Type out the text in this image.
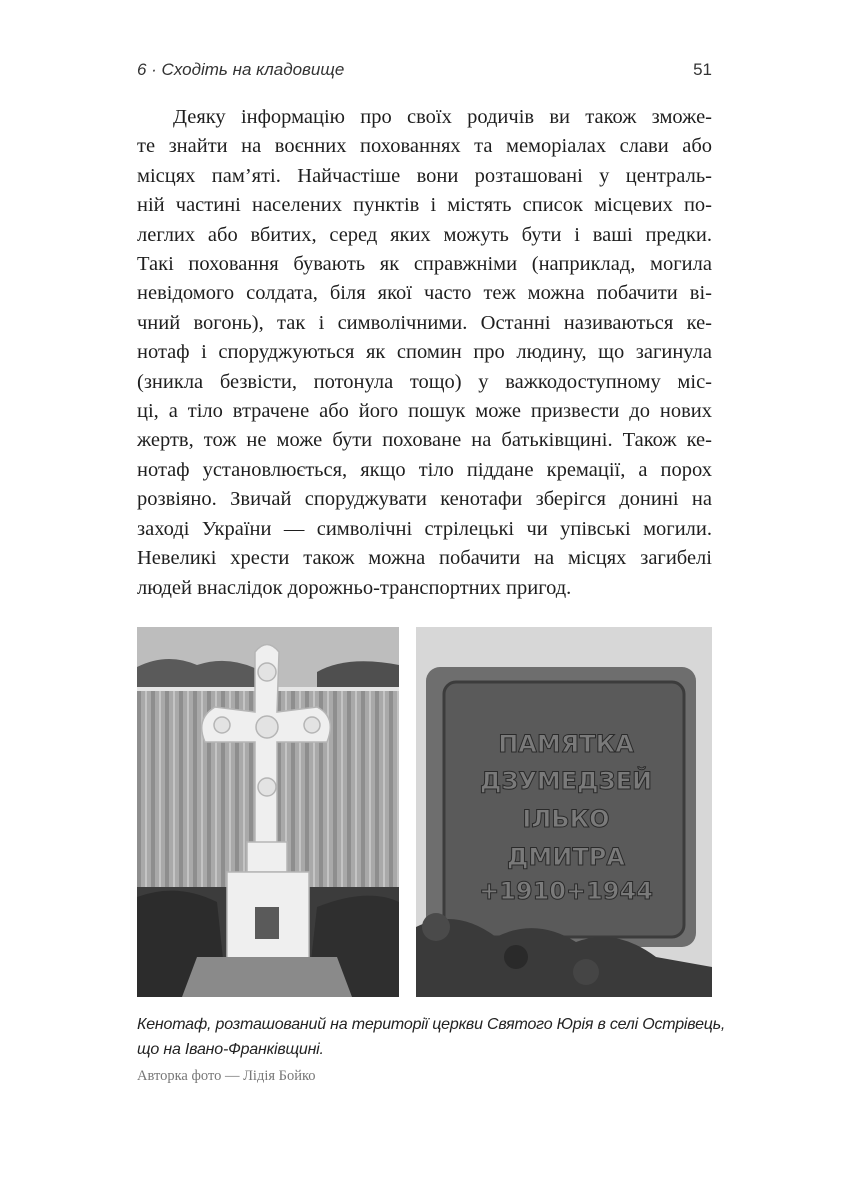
6 · Сходіть на кладовище	51
Деяку інформацію про своїх родичів ви також зможе-
те знайти на воєнних похованнях та меморіалах слави або
місцях пам’яті. Найчастіше вони розташовані у централь-
ній частині населених пунктів і містять список місцевих по-
леглих або вбитих, серед яких можуть бути і ваші предки.
Такі поховання бувають як справжніми (наприклад, могила
невідомого солдата, біля якої часто теж можна побачити ві-
чний вогонь), так і символічними. Останні називаються ке-
нотаф і споруджуються як спомин про людину, що загинула
(зникла безвісти, потонула тощо) у важкодоступному міс-
ці, а тіло втрачене або його пошук може призвести до нових
жертв, тож не може бути поховане на батьківщині. Також ке-
нотаф установлюється, якщо тіло піддане кремації, а порох
розвіяно. Звичай споруджувати кенотафи зберігся донині на
заході України — символічні стрілецькі чи упівські могили.
Невеликі хрести також можна побачити на місцях загибелі
людей внаслідок дорожньо-транспортних пригод.
ПАМЯТКА
ДЗУМЕДЗЕЙ
ІЛЬКО
ДМИТРА
+1910+1944
Кенотаф, розташований на території церкви Святого Юрія в селі Острівець,
що на Івано-Франківщині.
Авторка фото — Лідія Бойко
